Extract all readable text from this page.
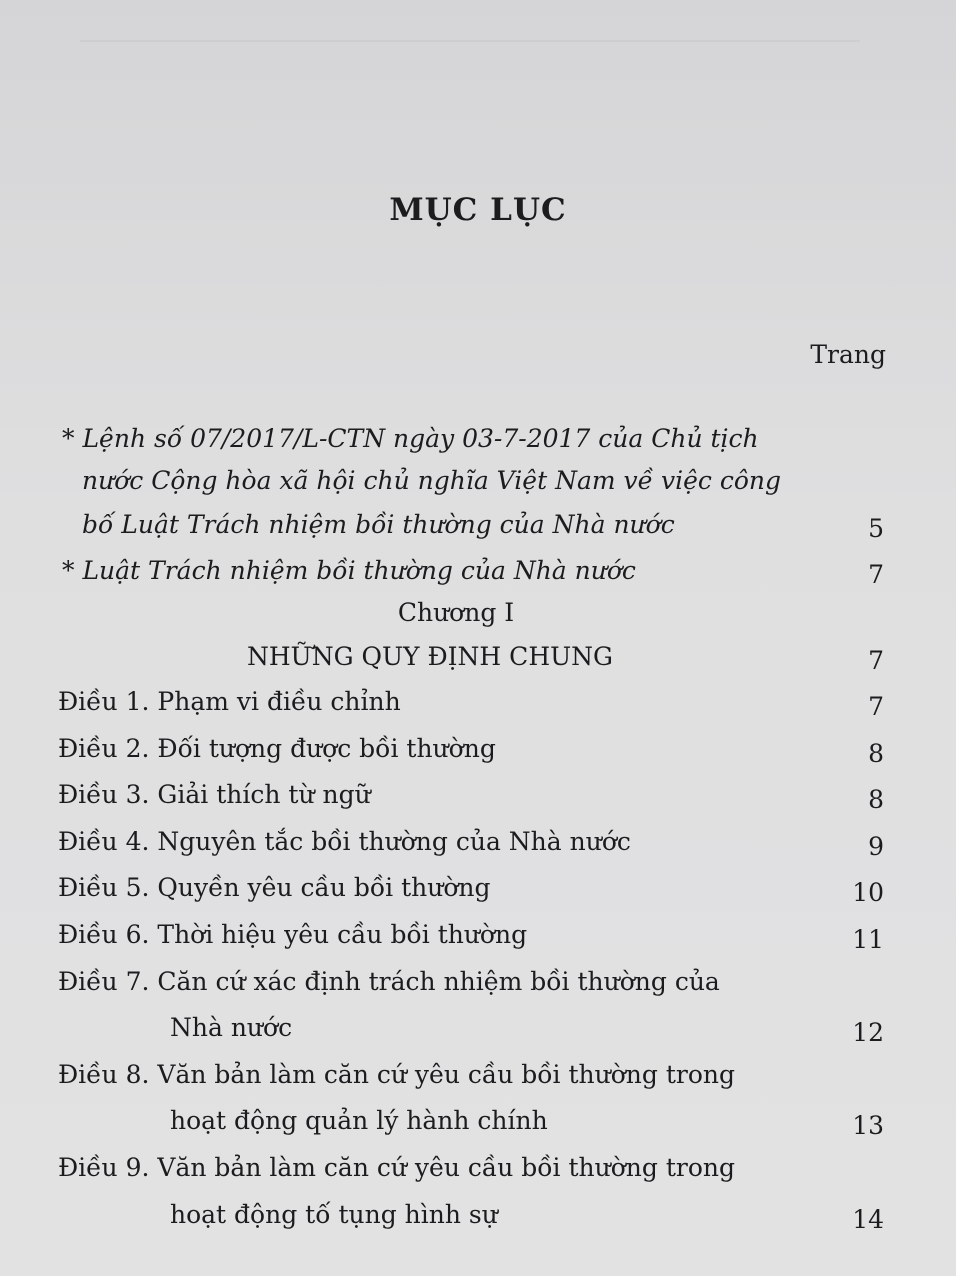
MỤC LỤC
Trang
* Lệnh số 07/2017/L-CTN ngày 03-7-2017 của Chủ tịch
nước Cộng hòa xã hội chủ nghĩa Việt Nam về việc công
bố Luật Trách nhiệm bồi thường của Nhà nước	5
* Luật Trách nhiệm bồi thường của Nhà nước	7
Chương I
NHỮNG QUY ĐỊNH CHUNG	7
Điều 1. Phạm vi điều chỉnh	7
Điều 2. Đối tượng được bồi thường	8
Điều 3. Giải thích từ ngữ	8
Điều 4. Nguyên tắc bồi thường của Nhà nước	9
Điều 5. Quyền yêu cầu bồi thường	10
Điều 6. Thời hiệu yêu cầu bồi thường	11
Điều 7. Căn cứ xác định trách nhiệm bồi thường của
Nhà nước	12
Điều 8. Văn bản làm căn cứ yêu cầu bồi thường trong
hoạt động quản lý hành chính	13
Điều 9. Văn bản làm căn cứ yêu cầu bồi thường trong
hoạt động tố tụng hình sự	14
